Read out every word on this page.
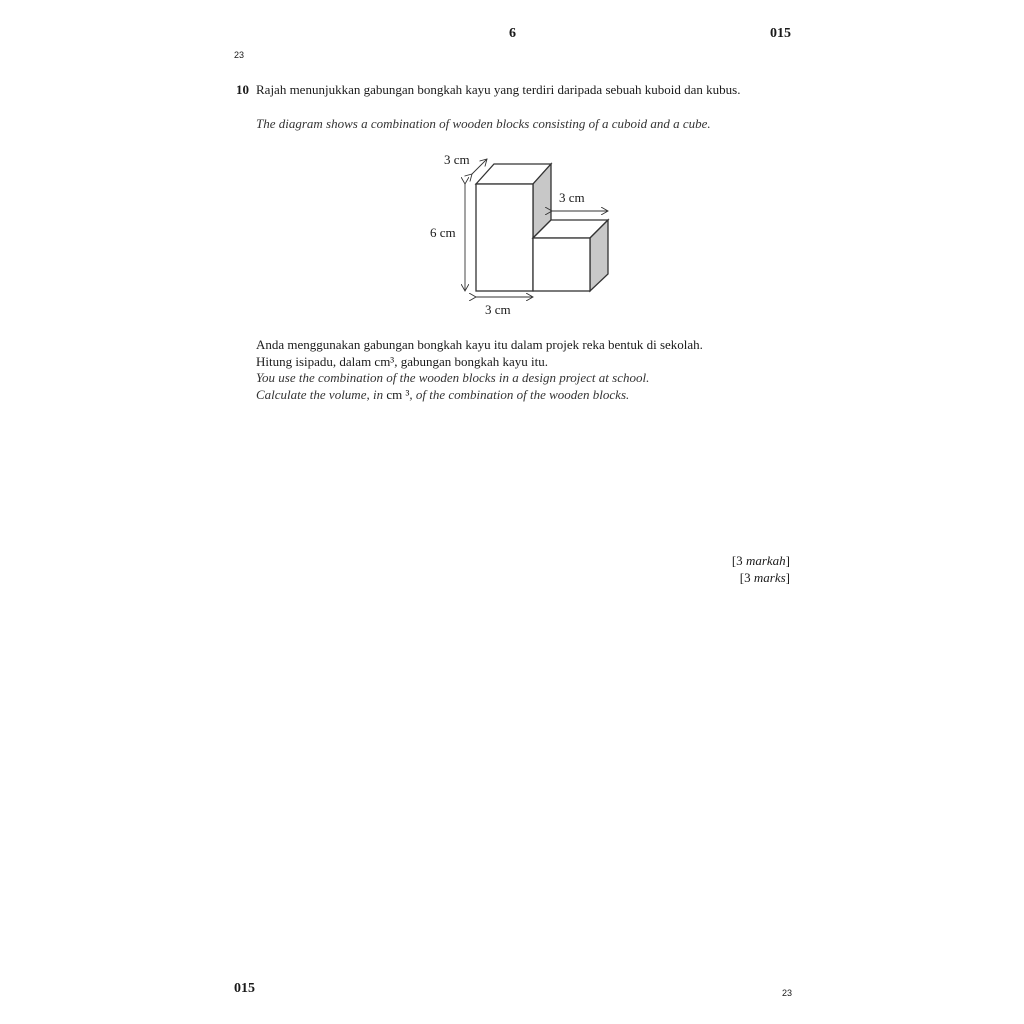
6	015
23
10 Rajah menunjukkan gabungan bongkah kayu yang terdiri daripada sebuah kuboid dan kubus.
The diagram shows a combination of wooden blocks consisting of a cuboid and a cube.
3 cm
3 cm
6 cm
3 cm

Anda menggunakan gabungan bongkah kayu itu dalam projek reka bentuk di sekolah.

Hitung isipadu, dalam cm³, gabungan bongkah kayu itu.

You use the combination of the wooden blocks in a design project at school.

Calculate the volume, in cm ³, of the combination of the wooden blocks.

[3 markah]
[3 marks]
015	23
